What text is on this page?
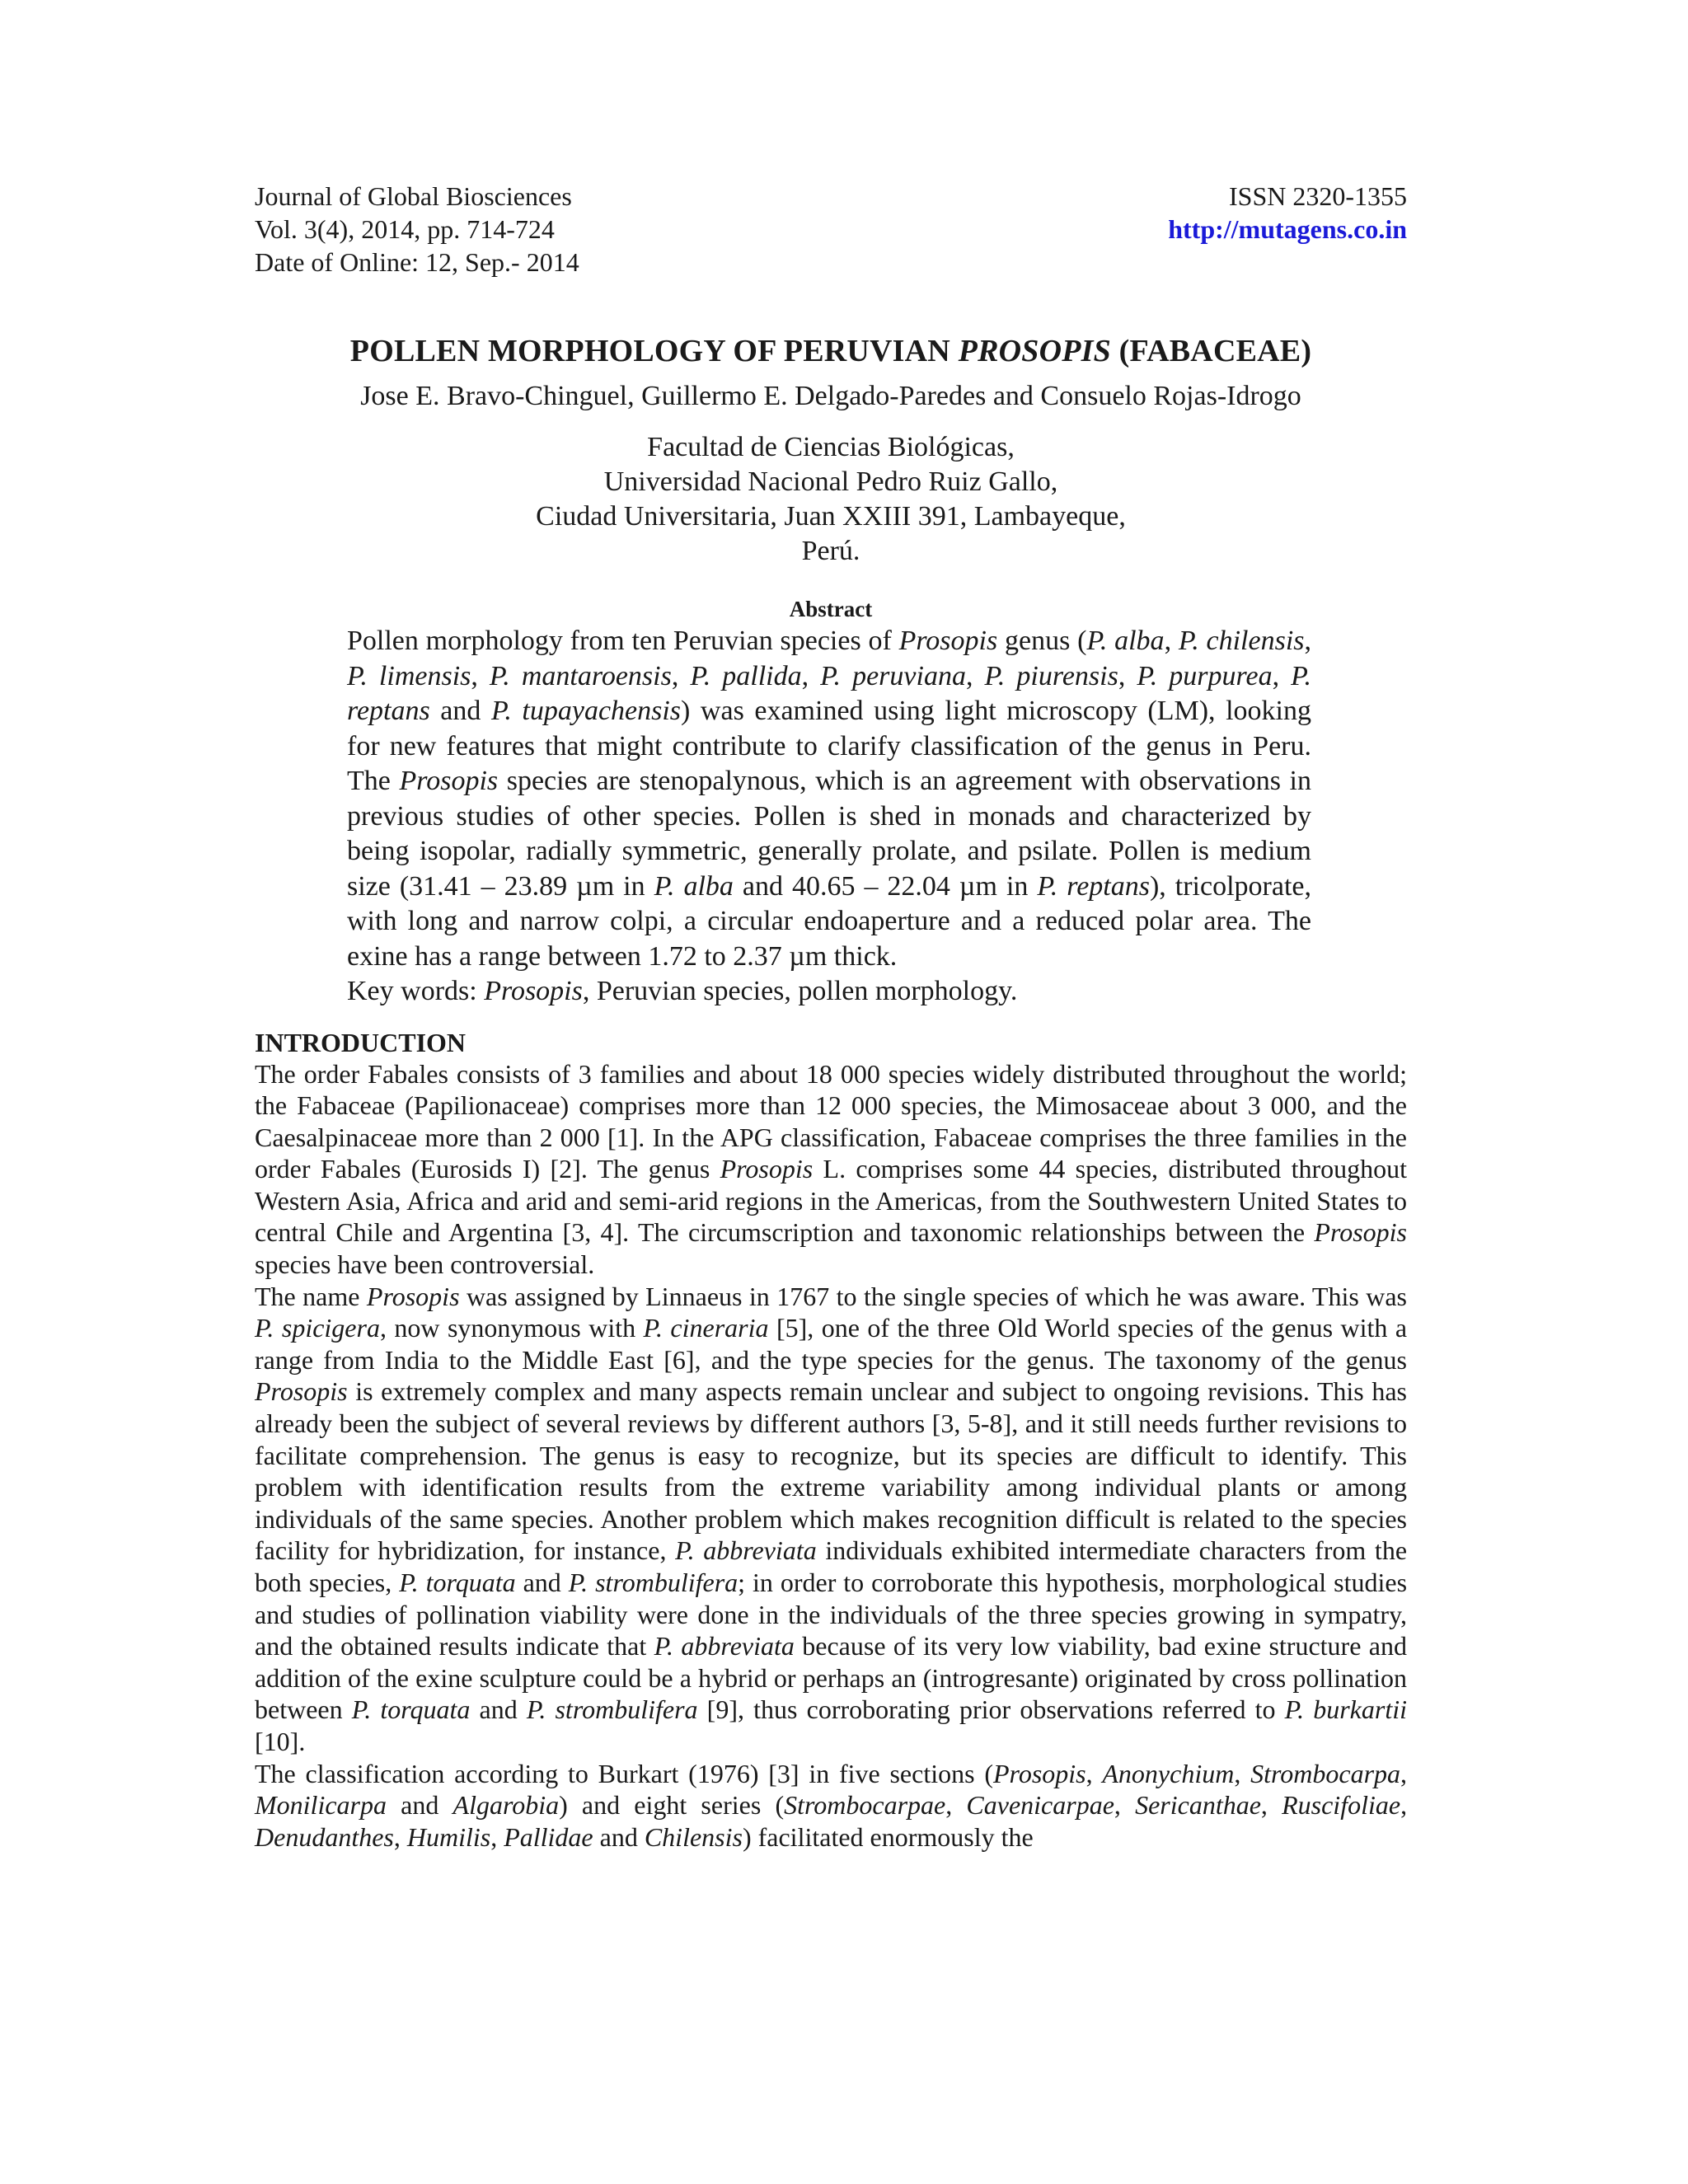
Journal of Global Biosciences
Vol. 3(4), 2014, pp. 714-724
Date of Online: 12, Sep.- 2014
ISSN 2320-1355
http://mutagens.co.in
POLLEN MORPHOLOGY OF PERUVIAN PROSOPIS (FABACEAE)
Jose E. Bravo-Chinguel, Guillermo E. Delgado-Paredes and Consuelo Rojas-Idrogo
Facultad de Ciencias Biológicas,
Universidad Nacional Pedro Ruiz Gallo,
Ciudad Universitaria, Juan XXIII 391, Lambayeque,
Perú.
Abstract

Pollen morphology from ten Peruvian species of Prosopis genus (P. alba, P. chilensis, P. limensis, P. mantaroensis, P. pallida, P. peruviana, P. piurensis, P. purpurea, P. reptans and P. tupayachensis) was examined using light microscopy (LM), looking for new features that might contribute to clarify classification of the genus in Peru. The Prosopis species are stenopalynous, which is an agreement with observations in previous studies of other species. Pollen is shed in monads and characterized by being isopolar, radially symmetric, generally prolate, and psilate. Pollen is medium size (31.41 – 23.89 µm in P. alba and 40.65 – 22.04 µm in P. reptans), tricolporate, with long and narrow colpi, a circular endoaperture and a reduced polar area. The exine has a range between 1.72 to 2.37 µm thick.

Key words: Prosopis, Peruvian species, pollen morphology.
INTRODUCTION

The order Fabales consists of 3 families and about 18 000 species widely distributed throughout the world; the Fabaceae (Papilionaceae) comprises more than 12 000 species, the Mimosaceae about 3 000, and the Caesalpinaceae more than 2 000 [1]. In the APG classification, Fabaceae comprises the three families in the order Fabales (Eurosids I) [2]. The genus Prosopis L. comprises some 44 species, distributed throughout Western Asia, Africa and arid and semi-arid regions in the Americas, from the Southwestern United States to central Chile and Argentina [3, 4]. The circumscription and taxonomic relationships between the Prosopis species have been controversial.

The name Prosopis was assigned by Linnaeus in 1767 to the single species of which he was aware. This was P. spicigera, now synonymous with P. cineraria [5], one of the three Old World species of the genus with a range from India to the Middle East [6], and the type species for the genus. The taxonomy of the genus Prosopis is extremely complex and many aspects remain unclear and subject to ongoing revisions. This has already been the subject of several reviews by different authors [3, 5-8], and it still needs further revisions to facilitate comprehension. The genus is easy to recognize, but its species are difficult to identify. This problem with identification results from the extreme variability among individual plants or among individuals of the same species. Another problem which makes recognition difficult is related to the species facility for hybridization, for instance, P. abbreviata individuals exhibited intermediate characters from the both species, P. torquata and P. strombulifera; in order to corroborate this hypothesis, morphological studies and studies of pollination viability were done in the individuals of the three species growing in sympatry, and the obtained results indicate that P. abbreviata because of its very low viability, bad exine structure and addition of the exine sculpture could be a hybrid or perhaps an (introgresante) originated by cross pollination between P. torquata and P. strombulifera [9], thus corroborating prior observations referred to P. burkartii [10].

The classification according to Burkart (1976) [3] in five sections (Prosopis, Anonychium, Strombocarpa, Monilicarpa and Algarobia) and eight series (Strombocarpae, Cavenicarpae, Sericanthae, Ruscifoliae, Denudanthes, Humilis, Pallidae and Chilensis) facilitated enormously the
